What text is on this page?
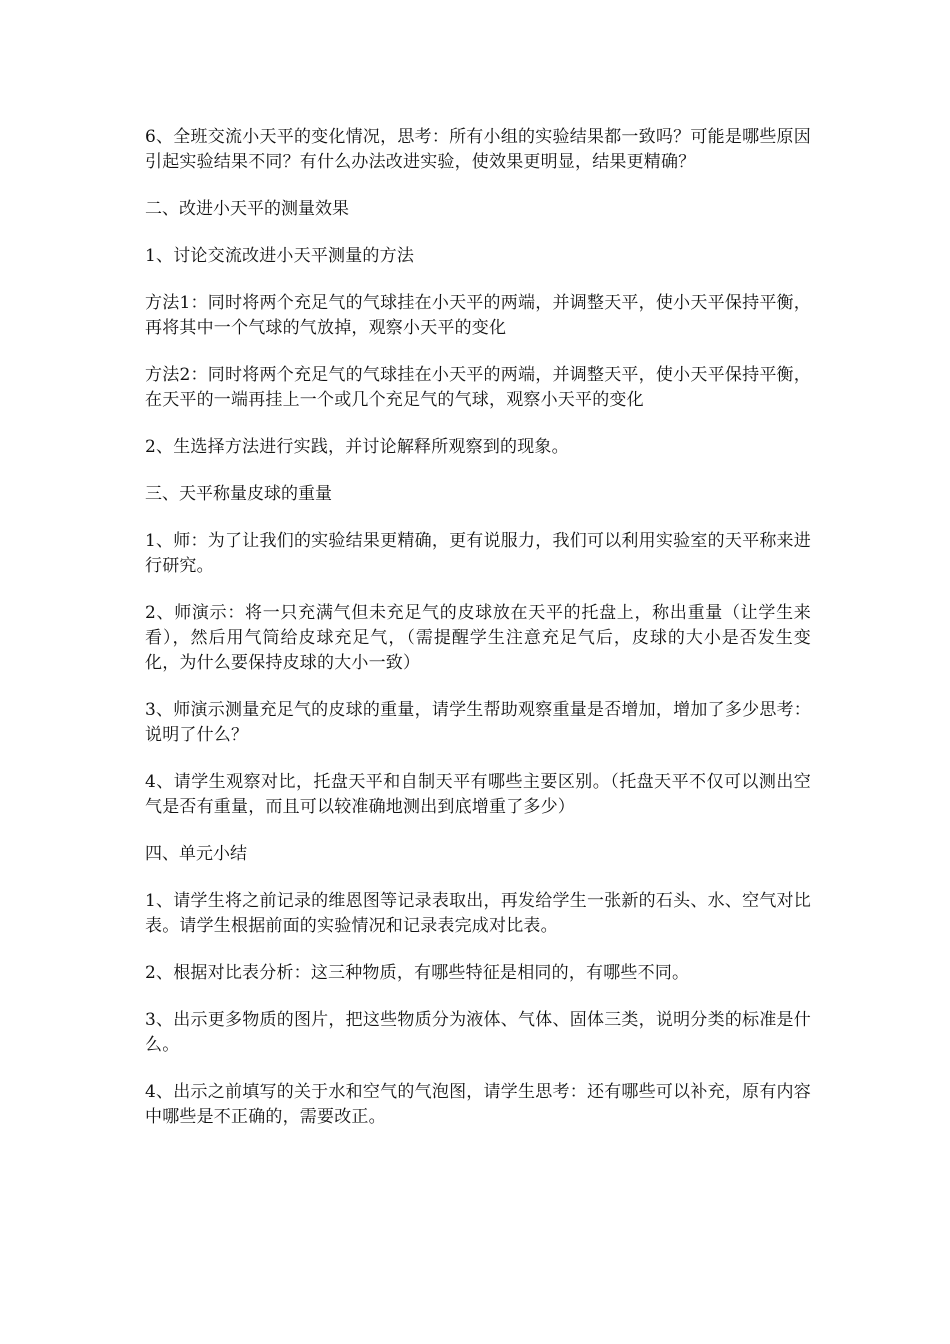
6、全班交流小天平的变化情况，思考：所有小组的实验结果都一致吗？可能是哪些原因引起实验结果不同？有什么办法改进实验，使效果更明显，结果更精确？

二、改进小天平的测量效果

1、讨论交流改进小天平测量的方法

方法1：同时将两个充足气的气球挂在小天平的两端，并调整天平，使小天平保持平衡，再将其中一个气球的气放掉，观察小天平的变化

方法2：同时将两个充足气的气球挂在小天平的两端，并调整天平，使小天平保持平衡，在天平的一端再挂上一个或几个充足气的气球，观察小天平的变化

2、生选择方法进行实践，并讨论解释所观察到的现象。

三、天平称量皮球的重量

1、师：为了让我们的实验结果更精确，更有说服力，我们可以利用实验室的天平称来进行研究。

2、师演示：将一只充满气但未充足气的皮球放在天平的托盘上，称出重量（让学生来看），然后用气筒给皮球充足气，（需提醒学生注意充足气后，皮球的大小是否发生变化，为什么要保持皮球的大小一致）

3、师演示测量充足气的皮球的重量，请学生帮助观察重量是否增加，增加了多少思考：说明了什么？

4、请学生观察对比，托盘天平和自制天平有哪些主要区别。（托盘天平不仅可以测出空气是否有重量，而且可以较准确地测出到底增重了多少）

四、单元小结

1、请学生将之前记录的维恩图等记录表取出，再发给学生一张新的石头、水、空气对比表。请学生根据前面的实验情况和记录表完成对比表。

2、根据对比表分析：这三种物质，有哪些特征是相同的，有哪些不同。

3、出示更多物质的图片，把这些物质分为液体、气体、固体三类，说明分类的标准是什么。

4、出示之前填写的关于水和空气的气泡图，请学生思考：还有哪些可以补充，原有内容中哪些是不正确的，需要改正。
